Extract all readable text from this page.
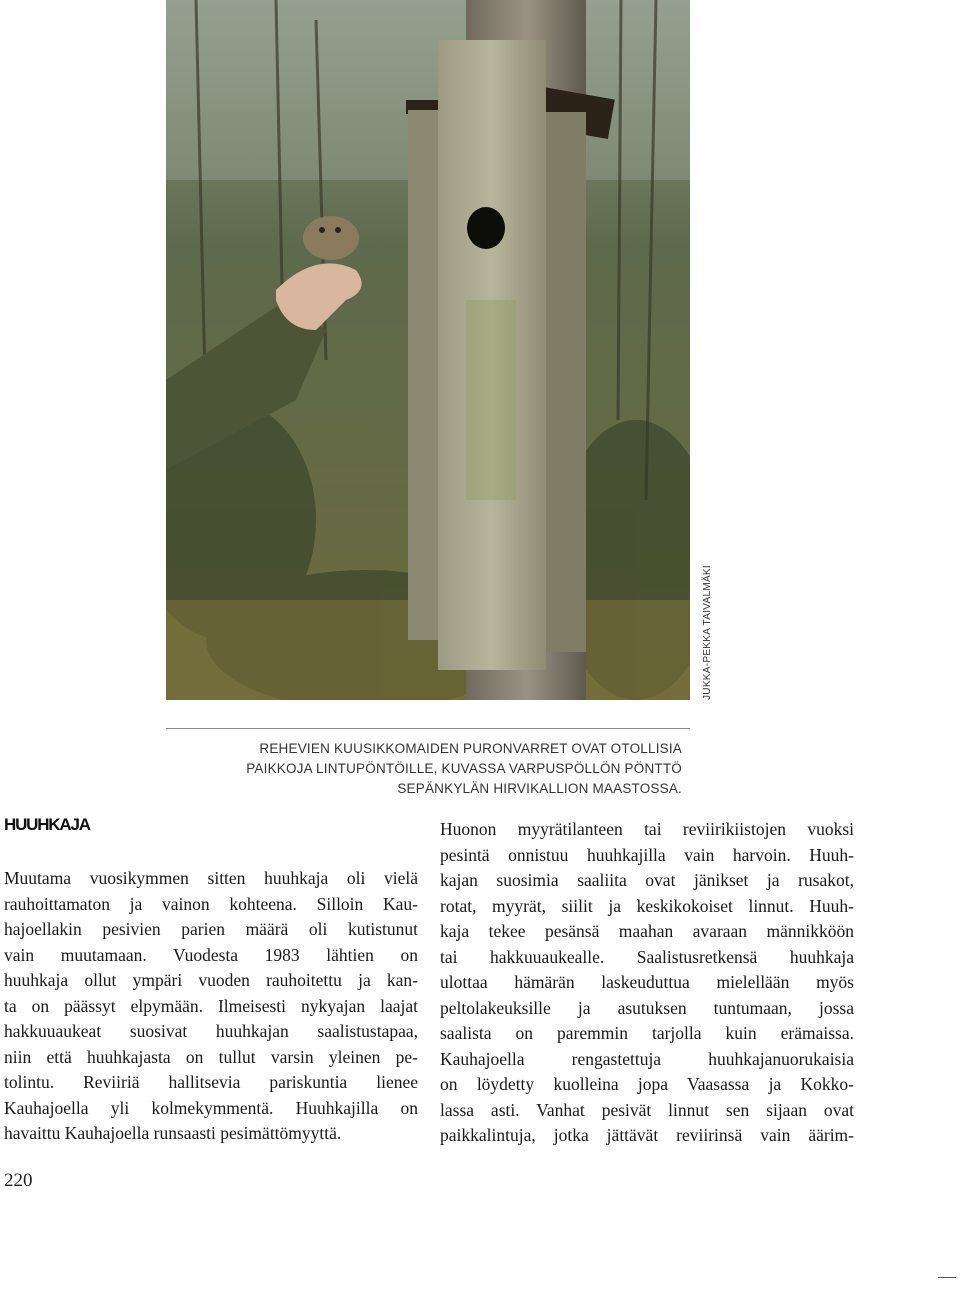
JUKKA-PEKKA TAIVALMÄKI
REHEVIEN KUUSIKKOMAIDEN PURONVARRET OVAT OTOLLISIA
PAIKKOJA LINTUPÖNTÖILLE, KUVASSA VARPUSPÖLLÖN PÖNTTÖ
SEPÄNKYLÄN HIRVIKALLION MAASTOSSA.
HUUHKAJA
Muutama vuosikymmen sitten huuhkaja oli vielä
rauhoittamaton ja vainon kohteena. Silloin Kau-
hajoellakin pesivien parien määrä oli kutistunut
vain muutamaan. Vuodesta 1983 lähtien on
huuhkaja ollut ympäri vuoden rauhoitettu ja kan-
ta on päässyt elpymään. Ilmeisesti nykyajan laajat
hakkuuaukeat suosivat huuhkajan saalistustapaa,
niin että huuhkajasta on tullut varsin yleinen pe-
tolintu. Reviiriä hallitsevia pariskuntia lienee
Kauhajoella yli kolmekymmentä. Huuhkajilla on
havaittu Kauhajoella runsaasti pesimättömyyttä.
Huonon myyrätilanteen tai reviirikiistojen vuoksi
pesintä onnistuu huuhkajilla vain harvoin. Huuh-
kajan suosimia saaliita ovat jänikset ja rusakot,
rotat, myyrät, siilit ja keskikokoiset linnut. Huuh-
kaja tekee pesänsä maahan avaraan männikköön
tai hakkuuaukealle. Saalistusretkensä huuhkaja
ulottaa hämärän laskeuduttua mielellään myös
peltolakeuksille ja asutuksen tuntumaan, jossa
saalista on paremmin tarjolla kuin erämaissa.
Kauhajoella rengastettuja huuhkajanuorukaisia
on löydetty kuolleina jopa Vaasassa ja Kokko-
lassa asti. Vanhat pesivät linnut sen sijaan ovat
paikkalintuja, jotka jättävät reviirinsä vain äärim-
220
